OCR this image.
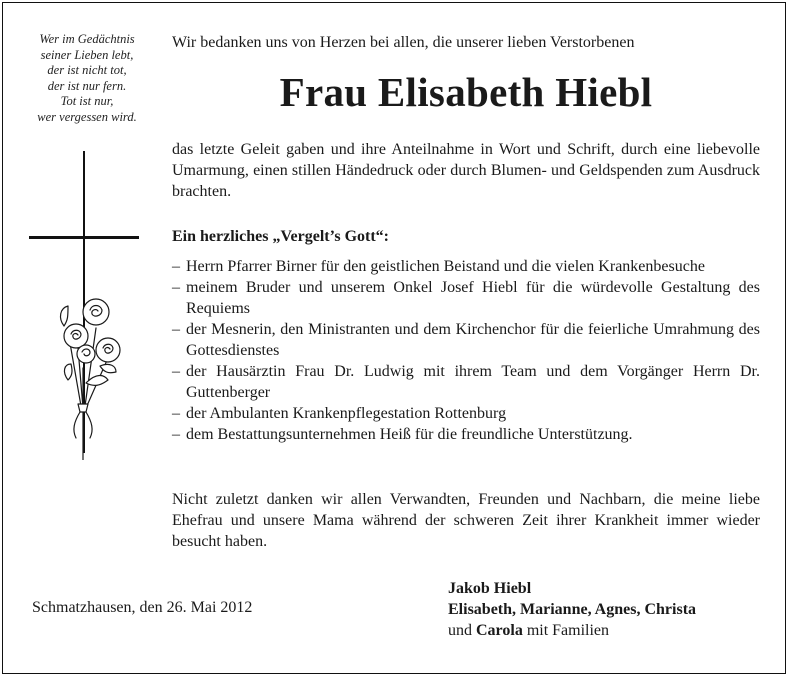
Wer im Gedächtnis
seiner Lieben lebt,
der ist nicht tot,
der ist nur fern.
Tot ist nur,
wer vergessen wird.
Wir bedanken uns von Herzen bei allen, die unserer lieben Verstorbenen
Frau Elisabeth Hiebl
das letzte Geleit gaben und ihre Anteilnahme in Wort und Schrift, durch eine liebevolle Umarmung, einen stillen Händedruck oder durch Blumen- und Geldspenden zum Ausdruck brachten.
Ein herzliches „Vergelt’s Gott“:
– Herrn Pfarrer Birner für den geistlichen Beistand und die vielen Krankenbesuche
– meinem Bruder und unserem Onkel Josef Hiebl für die würdevolle Gestaltung des Requiems
– der Mesnerin, den Ministranten und dem Kirchenchor für die feierliche Umrahmung des Gottesdienstes
– der Hausärztin Frau Dr. Ludwig mit ihrem Team und dem Vorgänger Herrn Dr. Guttenberger
– der Ambulanten Krankenpflegestation Rottenburg
– dem Bestattungsunternehmen Heiß für die freundliche Unterstützung.
Nicht zuletzt danken wir allen Verwandten, Freunden und Nachbarn, die meine liebe Ehefrau und unsere Mama während der schweren Zeit ihrer Krankheit immer wieder besucht haben.
Schmatzhausen, den 26. Mai 2012
Jakob Hiebl
Elisabeth, Marianne, Agnes, Christa
und Carola mit Familien
